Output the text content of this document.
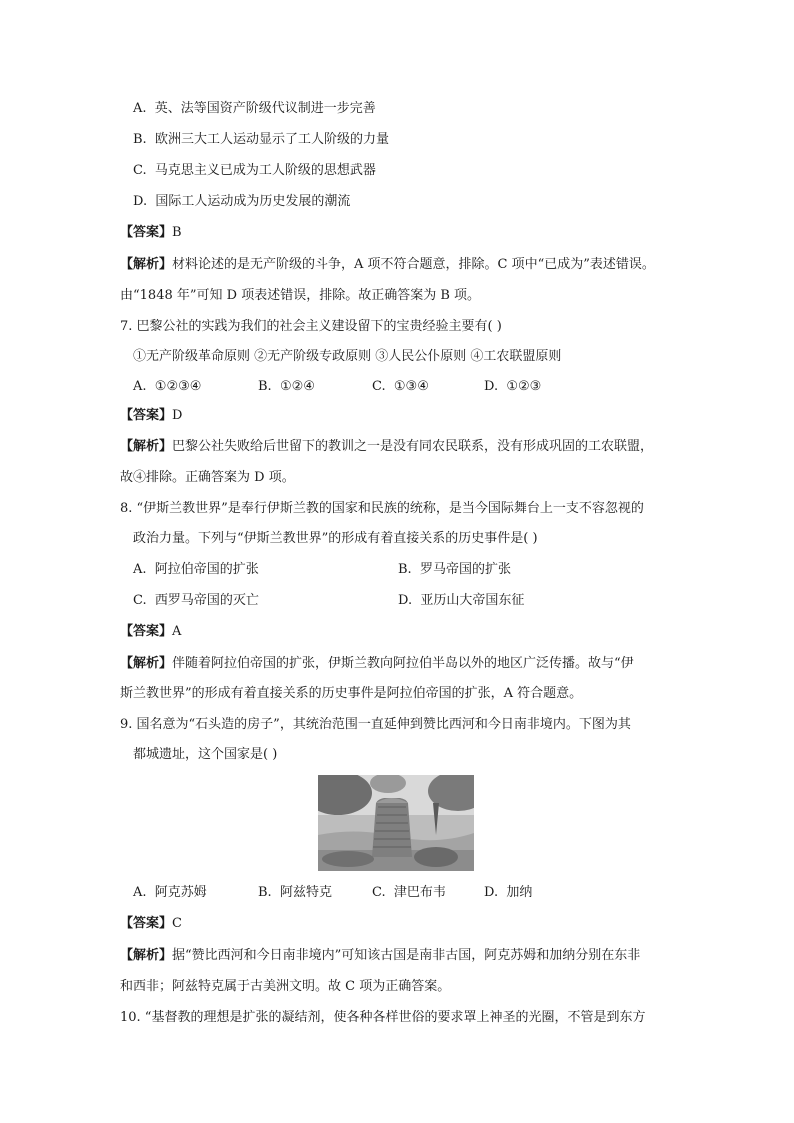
A. 英、法等国资产阶级代议制进一步完善
B. 欧洲三大工人运动显示了工人阶级的力量
C. 马克思主义已成为工人阶级的思想武器
D. 国际工人运动成为历史发展的潮流
【答案】B
【解析】材料论述的是无产阶级的斗争，A 项不符合题意，排除。C 项中“已成为”表述错误。
由“1848 年”可知 D 项表述错误，排除。故正确答案为 B 项。
7. 巴黎公社的实践为我们的社会主义建设留下的宝贵经验主要有( )
①无产阶级革命原则 ②无产阶级专政原则 ③人民公仆原则 ④工农联盟原则
A. ①②③④	B. ①②④	C. ①③④	D. ①②③
【答案】D
【解析】巴黎公社失败给后世留下的教训之一是没有同农民联系，没有形成巩固的工农联盟，
故④排除。正确答案为 D 项。
8. “伊斯兰教世界”是奉行伊斯兰教的国家和民族的统称，是当今国际舞台上一支不容忽视的
政治力量。下列与“伊斯兰教世界”的形成有着直接关系的历史事件是( )
A. 阿拉伯帝国的扩张	B. 罗马帝国的扩张
C. 西罗马帝国的灭亡	D. 亚历山大帝国东征
【答案】A
【解析】伴随着阿拉伯帝国的扩张，伊斯兰教向阿拉伯半岛以外的地区广泛传播。故与“伊
斯兰教世界”的形成有着直接关系的历史事件是阿拉伯帝国的扩张，A 符合题意。
9. 国名意为“石头造的房子”，其统治范围一直延伸到赞比西河和今日南非境内。下图为其
都城遗址，这个国家是( )
A. 阿克苏姆	B. 阿兹特克	C. 津巴布韦	D. 加纳
【答案】C
【解析】据“赞比西河和今日南非境内”可知该古国是南非古国，阿克苏姆和加纳分别在东非
和西非；阿兹特克属于古美洲文明。故 C 项为正确答案。
10. “基督教的理想是扩张的凝结剂，使各种各样世俗的要求罩上神圣的光圈，不管是到东方
